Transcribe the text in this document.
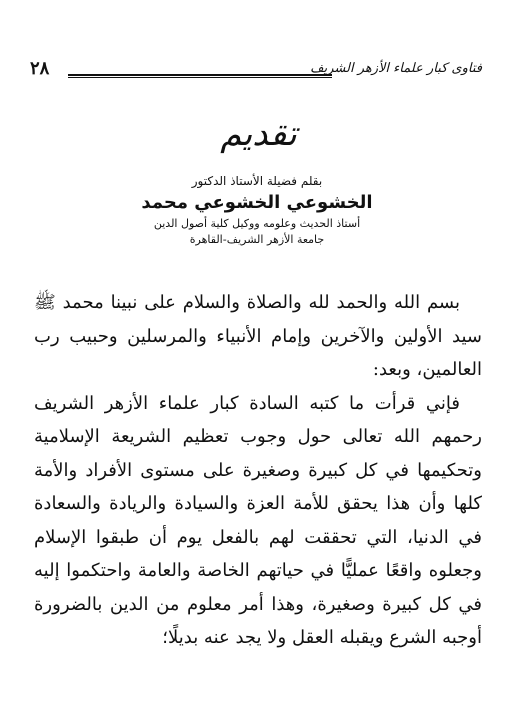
٢٨	فتاوى كبار علماء الأزهر الشريف
تقديم
بقلم فضيلة الأستاذ الدكتور
الخشوعي الخشوعي محمد
أستاذ الحديث وعلومه ووكيل كلية أصول الدين
جامعة الأزهر الشريف-القاهرة

بسم الله والحمد لله والصلاة والسلام على نبينا محمد ﷺ سيد الأولين والآخرين وإمام الأنبياء والمرسلين وحبيب رب العالمين، وبعد:

فإني قرأت ما كتبه السادة كبار علماء الأزهر الشريف رحمهم الله تعالى حول وجوب تعظيم الشريعة الإسلامية وتحكيمها في كل كبيرة وصغيرة على مستوى الأفراد والأمة كلها وأن هذا يحقق للأمة العزة والسيادة والريادة والسعادة في الدنيا، التي تحققت لهم بالفعل يوم أن طبقوا الإسلام وجعلوه واقعًا عمليًّا في حياتهم الخاصة والعامة واحتكموا إليه في كل كبيرة وصغيرة، وهذا أمر معلوم من الدين بالضرورة أوجبه الشرع ويقبله العقل ولا يجد عنه بديلًا؛
